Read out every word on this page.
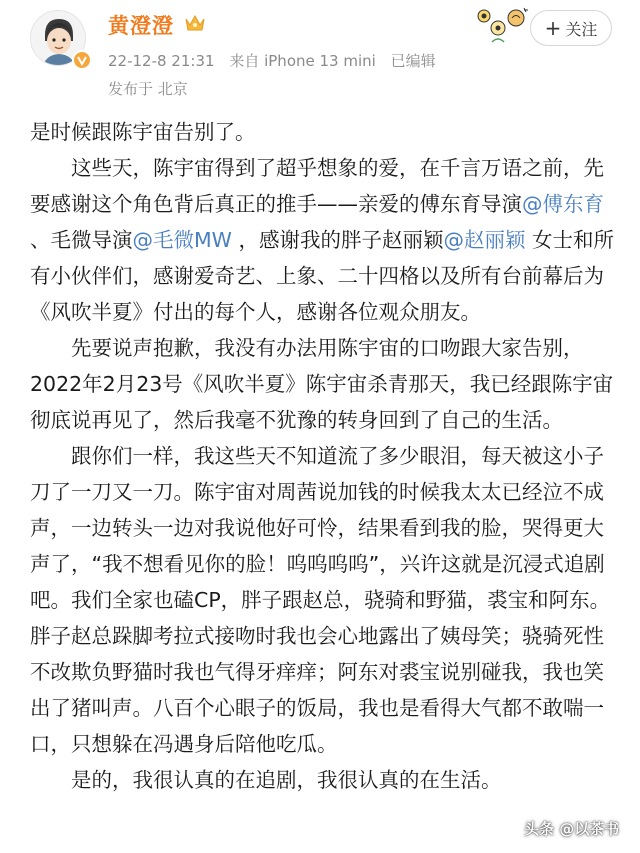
黄澄澄
22-12-8 21:31 来自 iPhone 13 mini 已编辑
发布于 北京
+ 关注
是时候跟陈宇宙告别了。
这些天，陈宇宙得到了超乎想象的爱，在千言万语之前，先要感谢这个角色背后真正的推手——亲爱的傅东育导演@傅东育 、毛微导演@毛微MW ，感谢我的胖子赵丽颖@赵丽颖 女士和所有小伙伴们，感谢爱奇艺、上象、二十四格以及所有台前幕后为《风吹半夏》付出的每个人，感谢各位观众朋友。
先要说声抱歉，我没有办法用陈宇宙的口吻跟大家告别，2022年2月23号《风吹半夏》陈宇宙杀青那天，我已经跟陈宇宙彻底说再见了，然后我毫不犹豫的转身回到了自己的生活。
跟你们一样，我这些天不知道流了多少眼泪，每天被这小子刀了一刀又一刀。陈宇宙对周茜说加钱的时候我太太已经泣不成声，一边转头一边对我说他好可怜，结果看到我的脸，哭得更大声了，“我不想看见你的脸！呜呜呜呜”，兴许这就是沉浸式追剧吧。我们全家也磕CP，胖子跟赵总，骁骑和野猫，裘宝和阿东。胖子赵总跺脚考拉式接吻时我也会心地露出了姨母笑；骁骑死性不改欺负野猫时我也气得牙痒痒；阿东对裘宝说别碰我，我也笑出了猪叫声。八百个心眼子的饭局，我也是看得大气都不敢喘一口，只想躲在冯遇身后陪他吃瓜。
是的，我很认真的在追剧，我很认真的在生活。
头条 @以茶书
